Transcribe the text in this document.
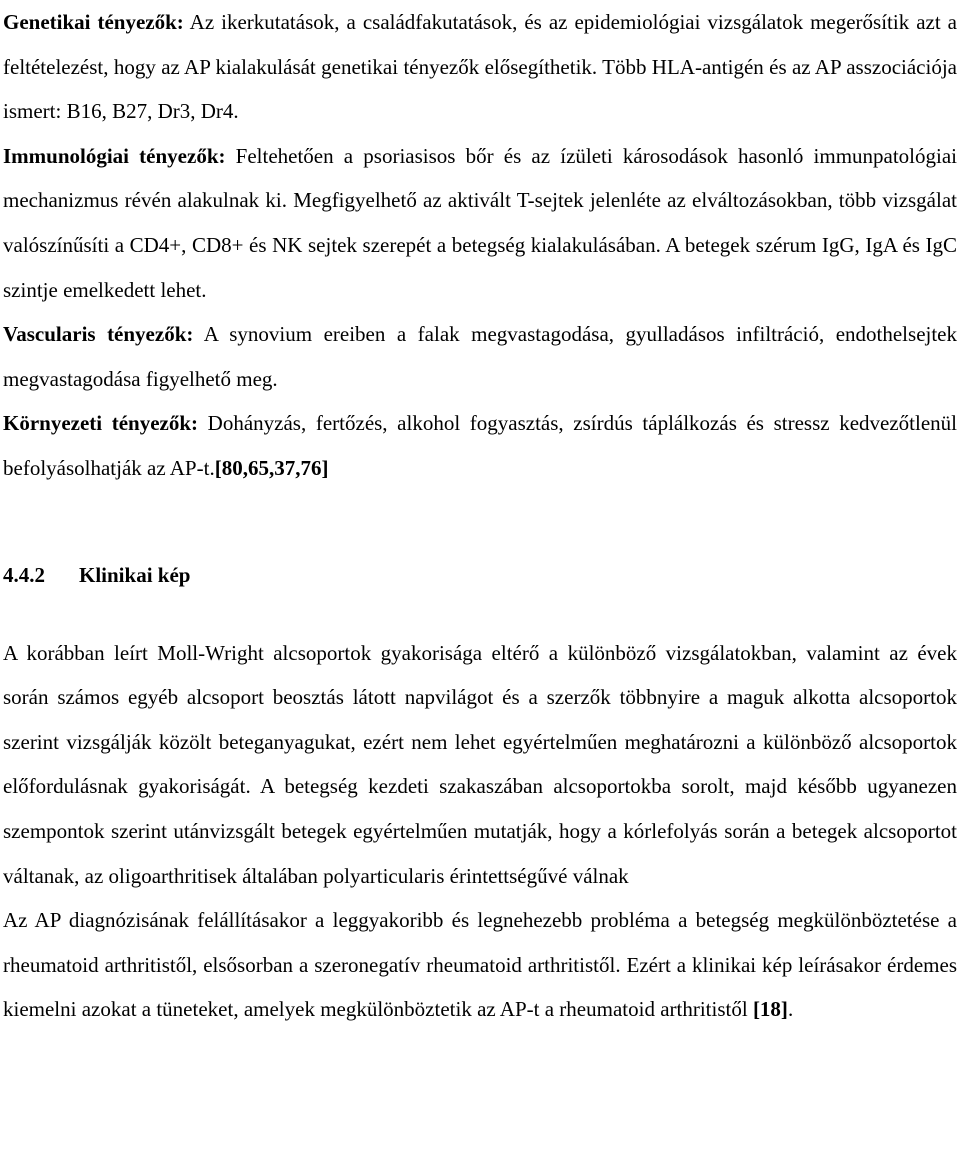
Genetikai tényezők: Az ikerkutatások, a családfakutatások, és az epidemiológiai vizsgálatok megerősítik azt a feltételezést, hogy az AP kialakulását genetikai tényezők elősegíthetik. Több HLA-antigén és az AP asszociációja ismert: B16, B27, Dr3, Dr4.

Immunológiai tényezők: Feltehetően a psoriasisos bőr és az ízületi károsodások hasonló immunpatológiai mechanizmus révén alakulnak ki. Megfigyelhető az aktivált T-sejtek jelenléte az elváltozásokban, több vizsgálat valószínűsíti a CD4+, CD8+ és NK sejtek szerepét a betegség kialakulásában. A betegek szérum IgG, IgA és IgC szintje emelkedett lehet.

Vascularis tényezők: A synovium ereiben a falak megvastagodása, gyulladásos infiltráció, endothelsejtek megvastagodása figyelhető meg.

Környezeti tényezők: Dohányzás, fertőzés, alkohol fogyasztás, zsírdús táplálkozás és stressz kedvezőtlenül befolyásolhatják az AP-t.[80,65,37,76]

4.4.2 Klinikai kép

A korábban leírt Moll-Wright alcsoportok gyakorisága eltérő a különböző vizsgálatokban, valamint az évek során számos egyéb alcsoport beosztás látott napvilágot és a szerzők többnyire a maguk alkotta alcsoportok szerint vizsgálják közölt beteganyagukat, ezért nem lehet egyértelműen meghatározni a különböző alcsoportok előfordulásnak gyakoriságát. A betegség kezdeti szakaszában alcsoportokba sorolt, majd később ugyanezen szempontok szerint utánvizsgált betegek egyértelműen mutatják, hogy a kórlefolyás során a betegek alcsoportot váltanak, az oligoarthritisek általában polyarticularis érintettségűvé válnak

Az AP diagnózisának felállításakor a leggyakoribb és legnehezebb probléma a betegség megkülönböztetése a rheumatoid arthritistől, elsősorban a szeronegatív rheumatoid arthritistől. Ezért a klinikai kép leírásakor érdemes kiemelni azokat a tüneteket, amelyek megkülönböztetik az AP-t a rheumatoid arthritistől [18].
